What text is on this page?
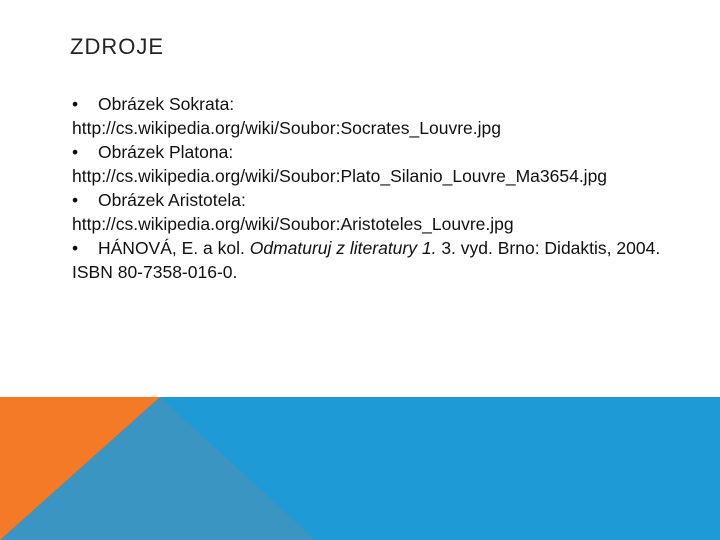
ZDROJE
• Obrázek Sokrata:
http://cs.wikipedia.org/wiki/Soubor:Socrates_Louvre.jpg
• Obrázek Platona:
http://cs.wikipedia.org/wiki/Soubor:Plato_Silanio_Louvre_Ma3654.jpg
• Obrázek Aristotela:
http://cs.wikipedia.org/wiki/Soubor:Aristoteles_Louvre.jpg
• HÁNOVÁ, E. a kol. Odmaturuj z literatury 1. 3. vyd. Brno: Didaktis, 2004. ISBN 80-7358-016-0.
